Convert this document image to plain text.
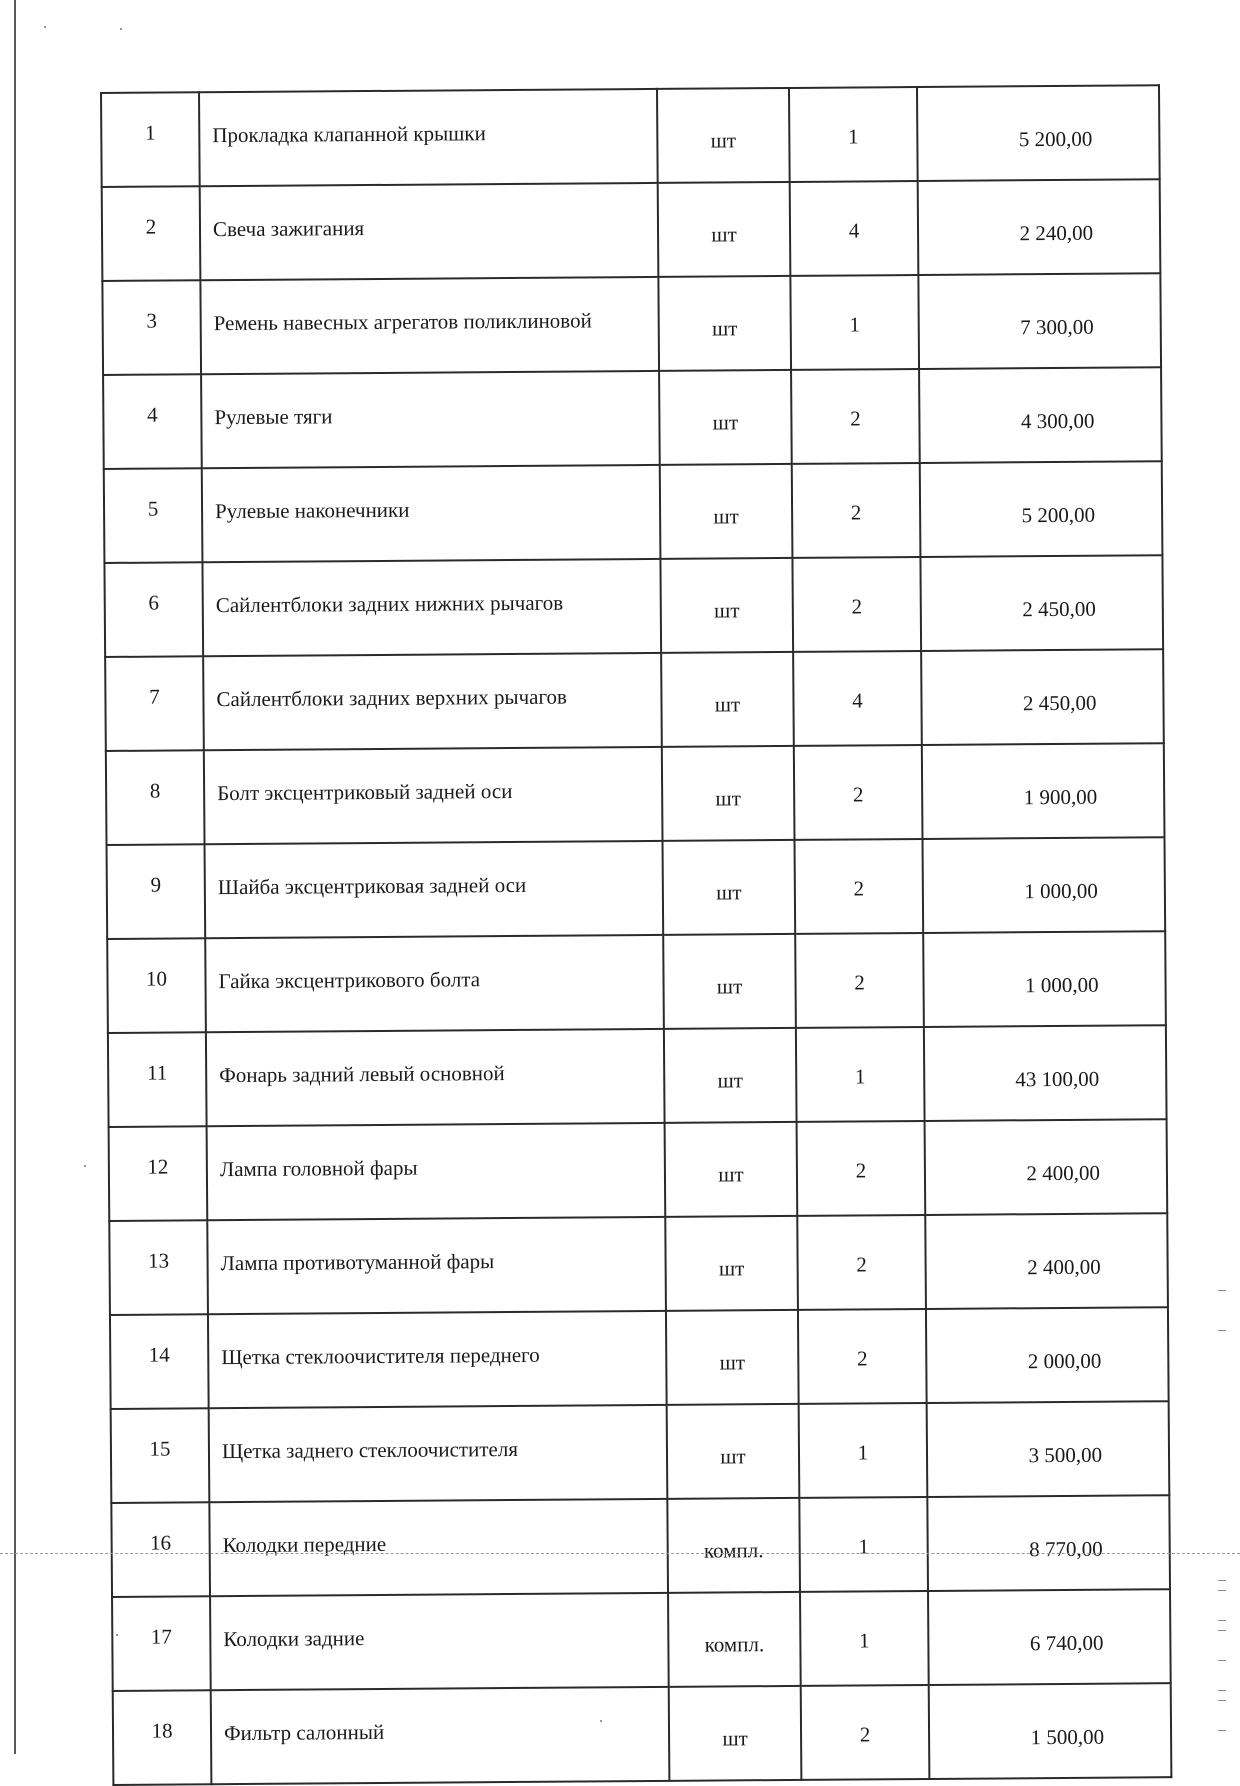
1	Прокладка клапанной крышки	шт	1	5 200,00
2	Свеча зажигания	шт	4	2 240,00
3	Ремень навесных агрегатов поликлиновой	шт	1	7 300,00
4	Рулевые тяги	шт	2	4 300,00
5	Рулевые наконечники	шт	2	5 200,00
6	Сайлентблоки задних нижних рычагов	шт	2	2 450,00
7	Сайлентблоки задних верхних рычагов	шт	4	2 450,00
8	Болт эксцентриковый задней оси	шт	2	1 900,00
9	Шайба эксцентриковая задней оси	шт	2	1 000,00
10	Гайка эксцентрикового болта	шт	2	1 000,00
11	Фонарь задний левый основной	шт	1	43 100,00
12	Лампа головной фары	шт	2	2 400,00
13	Лампа противотуманной фары	шт	2	2 400,00
14	Щетка стеклоочистителя переднего	шт	2	2 000,00
15	Щетка заднего стеклоочистителя	шт	1	3 500,00
16	Колодки передние	компл.	1	8 770,00
17	Колодки задние	компл.	1	6 740,00
18	Фильтр салонный	шт	2	1 500,00
